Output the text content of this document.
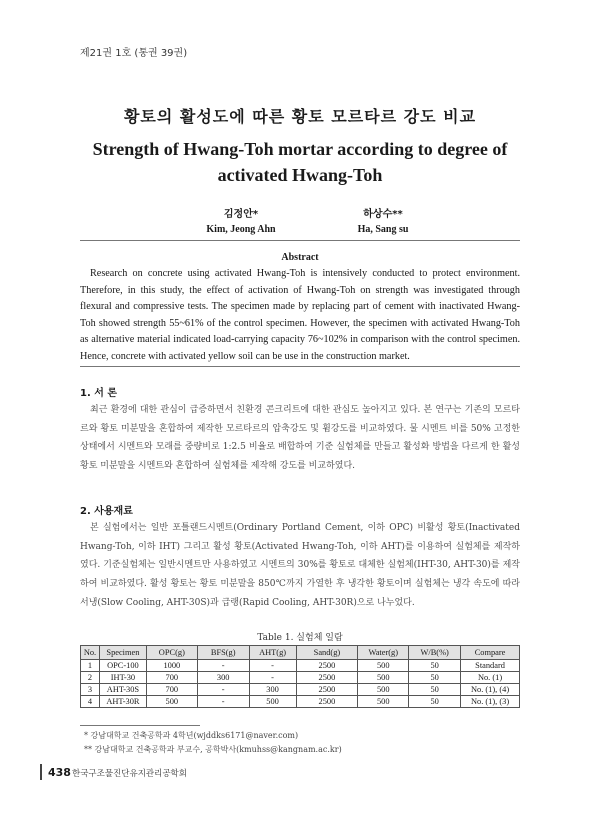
제21권 1호 (통권 39권)
황토의 활성도에 따른 황토 모르타르 강도 비교
Strength of Hwang-Toh mortar according to degree of activated Hwang-Toh
김정안*
Kim, Jeong Ahn
하상수**
Ha, Sang su
Abstract
Research on concrete using activated Hwang-Toh is intensively conducted to protect environment. Therefore, in this study, the effect of activation of Hwang-Toh on strength was investigated through flexural and compressive tests. The specimen made by replacing part of cement with inactivated Hwang-Toh showed strength 55~61% of the control specimen. However, the specimen with activated Hwang-Toh as alternative material indicated load-carrying capacity 76~102% in comparison with the control specimen. Hence, concrete with activated yellow soil can be use in the construction market.
1. 서 론
최근 환경에 대한 관심이 급증하면서 친환경 콘크리트에 대한 관심도 높아지고 있다. 본 연구는 기존의 모르타르와 황토 미분말을 혼합하여 제작한 모르타르의 압축강도 및 휨강도를 비교하였다. 물 시멘트 비를 50% 고정한 상태에서 시멘트와 모래를 중량비로 1:2.5 비율로 배합하여 기준 실험체를 만들고 활성화 방법을 다르게 한 활성 황토 미분말을 시멘트와 혼합하여 실험체를 제작해 강도를 비교하였다.
2. 사용재료
본 실험에서는 일반 포틀랜드시멘트(Ordinary Portland Cement, 이하 OPC) 비활성 황토(Inactivated Hwang-Toh, 이하 IHT) 그리고 활성 황토(Activated Hwang-Toh, 이하 AHT)를 이용하여 실험체를 제작하였다. 기준실험체는 일반시멘트만 사용하였고 시멘트의 30%를 황토로 대체한 실험체(IHT-30, AHT-30)를 제작하여 비교하였다. 활성 황토는 황토 미분말을 850℃까지 가열한 후 냉각한 황토이며 실험체는 냉각 속도에 따라 서냉(Slow Cooling, AHT-30S)과 급랭(Rapid Cooling, AHT-30R)으로 나누었다.
Table 1. 실험체 일람
No.	Specimen	OPC(g)	BFS(g)	AHT(g)	Sand(g)	Water(g)	W/B(%)	Compare
1	OPC-100	1000	-	-	2500	500	50	Standard
2	IHT-30	700	300	-	2500	500	50	No. (1)
3	AHT-30S	700	-	300	2500	500	50	No. (1), (4)
4	AHT-30R	500	-	500	2500	500	50	No. (1), (3)
* 강남대학교 건축공학과 4학년(wjddks6171@naver.com)
** 강남대학교 건축공학과 부교수, 공학박사(kmuhss@kangnam.ac.kr)
438 한국구조물진단유지관리공학회
